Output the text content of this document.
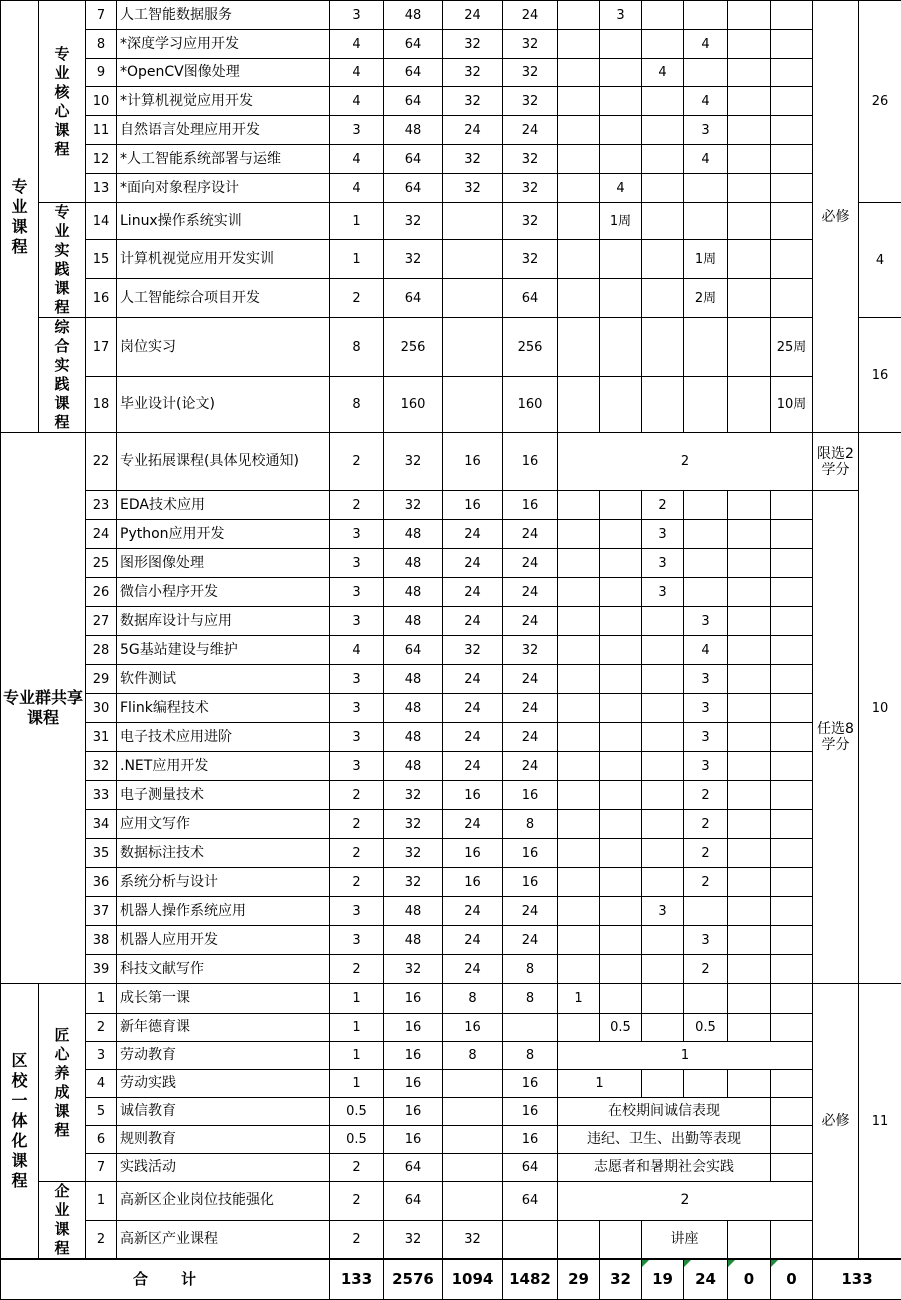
专业课程	专业核心课程	7	人工智能数据服务	3	48	24	24		3					必修	26
		8	*深度学习应用开发	4	64	32	32				4				
		9	*OpenCV图像处理	4	64	32	32			4					
		10	*计算机视觉应用开发	4	64	32	32				4				
		11	自然语言处理应用开发	3	48	24	24				3				
		12	*人工智能系统部署与运维	4	64	32	32				4				
		13	*面向对象程序设计	4	64	32	32		4						
	专业实践课程	14	Linux操作系统实训	1	32		32		1周						4
		15	计算机视觉应用开发实训	1	32		32				1周				
		16	人工智能综合项目开发	2	64		64				2周				
	综合实践课程	17	岗位实习	8	256		256						25周		16
		18	毕业设计(论文)	8	160		160						10周		
专业群共享课程		22	专业拓展课程(具体见校通知)	2	32	16	16	2						限选2学分	10
		23	EDA技术应用	2	32	16	16			2				任选8学分	
		24	Python应用开发	3	48	24	24			3					
		25	图形图像处理	3	48	24	24			3					
		26	微信小程序开发	3	48	24	24			3					
		27	数据库设计与应用	3	48	24	24				3				
		28	5G基站建设与维护	4	64	32	32				4				
		29	软件测试	3	48	24	24				3				
		30	Flink编程技术	3	48	24	24				3				
		31	电子技术应用进阶	3	48	24	24				3				
		32	.NET应用开发	3	48	24	24				3				
		33	电子测量技术	2	32	16	16				2				
		34	应用文写作	2	32	24	8				2				
		35	数据标注技术	2	32	16	16				2				
		36	系统分析与设计	2	32	16	16				2				
		37	机器人操作系统应用	3	48	24	24			3					
		38	机器人应用开发	3	48	24	24				3				
		39	科技文献写作	2	32	24	8				2				
区校一体化课程	匠心养成课程	1	成长第一课	1	16	8	8	1						必修	11
		2	新年德育课	1	16	16			0.5		0.5				
		3	劳动教育	1	16	8	8	1							
		4	劳动实践	1	16		16	1							
		5	诚信教育	0.5	16		16	在校期间诚信表现							
		6	规则教育	0.5	16		16	违纪、卫生、出勤等表现							
		7	实践活动	2	64		64	志愿者和暑期社会实践							
	企业课程	1	高新区企业岗位技能强化	2	64		64	2							
		2	高新区产业课程	2	32	32				讲座					
合　　计				133	2576	1094	1482	29	32	19	24	0	0	133	
